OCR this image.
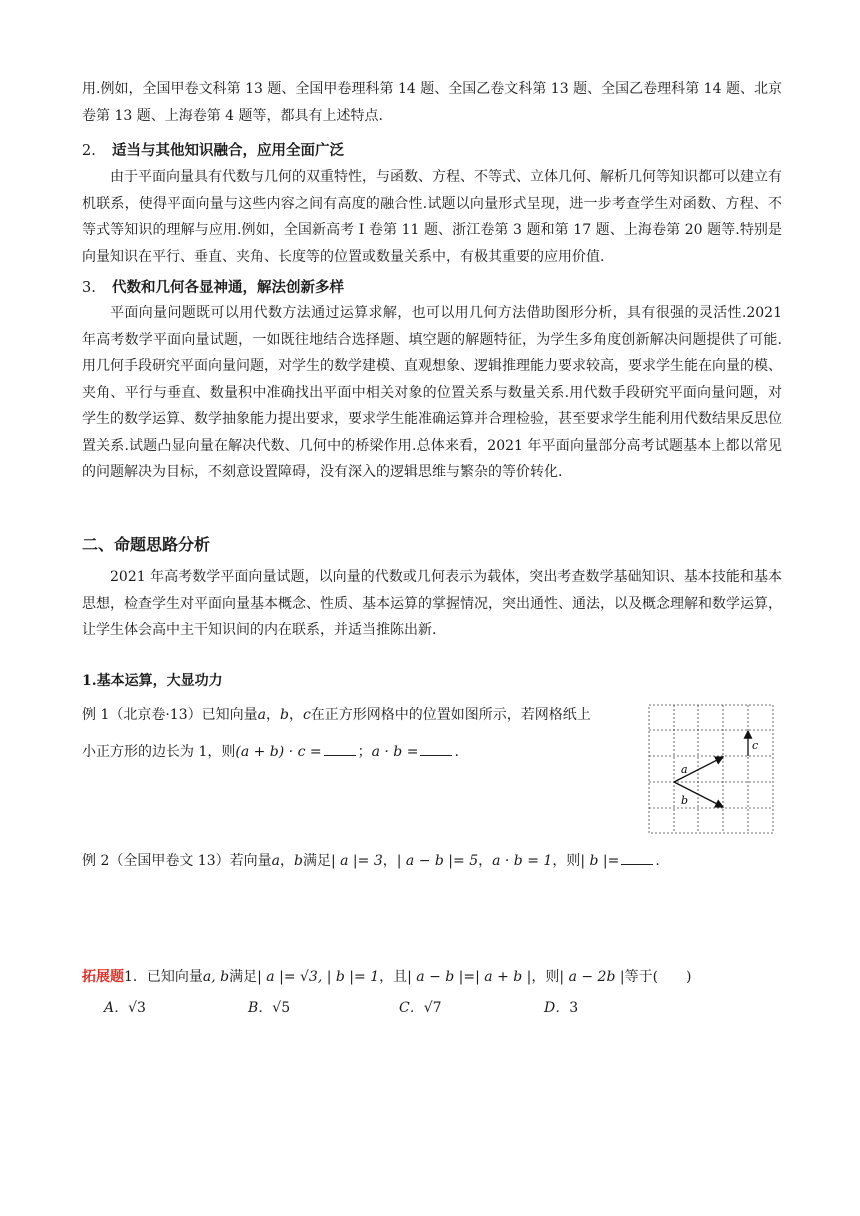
用.例如，全国甲卷文科第 13 题、全国甲卷理科第 14 题、全国乙卷文科第 13 题、全国乙卷理科第 14 题、北京卷第 13 题、上海卷第 4 题等，都具有上述特点.
2. 适当与其他知识融合，应用全面广泛
由于平面向量具有代数与几何的双重特性，与函数、方程、不等式、立体几何、解析几何等知识都可以建立有机联系，使得平面向量与这些内容之间有高度的融合性.试题以向量形式呈现，进一步考查学生对函数、方程、不等式等知识的理解与应用.例如，全国新高考 I 卷第 11 题、浙江卷第 3 题和第 17 题、上海卷第 20 题等.特别是向量知识在平行、垂直、夹角、长度等的位置或数量关系中，有极其重要的应用价值.
3. 代数和几何各显神通，解法创新多样
平面向量问题既可以用代数方法通过运算求解，也可以用几何方法借助图形分析，具有很强的灵活性.2021 年高考数学平面向量试题，一如既往地结合选择题、填空题的解题特征，为学生多角度创新解决问题提供了可能.用几何手段研究平面向量问题，对学生的数学建模、直观想象、逻辑推理能力要求较高，要求学生能在向量的模、夹角、平行与垂直、数量积中准确找出平面中相关对象的位置关系与数量关系.用代数手段研究平面向量问题，对学生的数学运算、数学抽象能力提出要求，要求学生能准确运算并合理检验，甚至要求学生能利用代数结果反思位置关系.试题凸显向量在解决代数、几何中的桥梁作用.总体来看，2021 年平面向量部分高考试题基本上都以常见的问题解决为目标，不刻意设置障碍，没有深入的逻辑思维与繁杂的等价转化.
二、命题思路分析
2021 年高考数学平面向量试题，以向量的代数或几何表示为载体，突出考查数学基础知识、基本技能和基本思想，检查学生对平面向量基本概念、性质、基本运算的掌握情况，突出通性、通法，以及概念理解和数学运算，让学生体会高中主干知识间的内在联系，并适当推陈出新.
1.基本运算，大显功力
例 1（北京卷·13）已知向量a，b，c在正方形网格中的位置如图所示，若网格纸上
小正方形的边长为 1，则(a + b) · c =	；a · b =	.
a
b
c
例 2（全国甲卷文 13）若向量a，b满足| a |= 3，| a − b |= 5，a · b = 1，则| b |=	.
拓展题1．已知向量a, b满足| a |= √3, | b |= 1，且| a − b |=| a + b |，则| a − 2b |等于(　　)
A．√3	B．√5	C．√7	D．3
